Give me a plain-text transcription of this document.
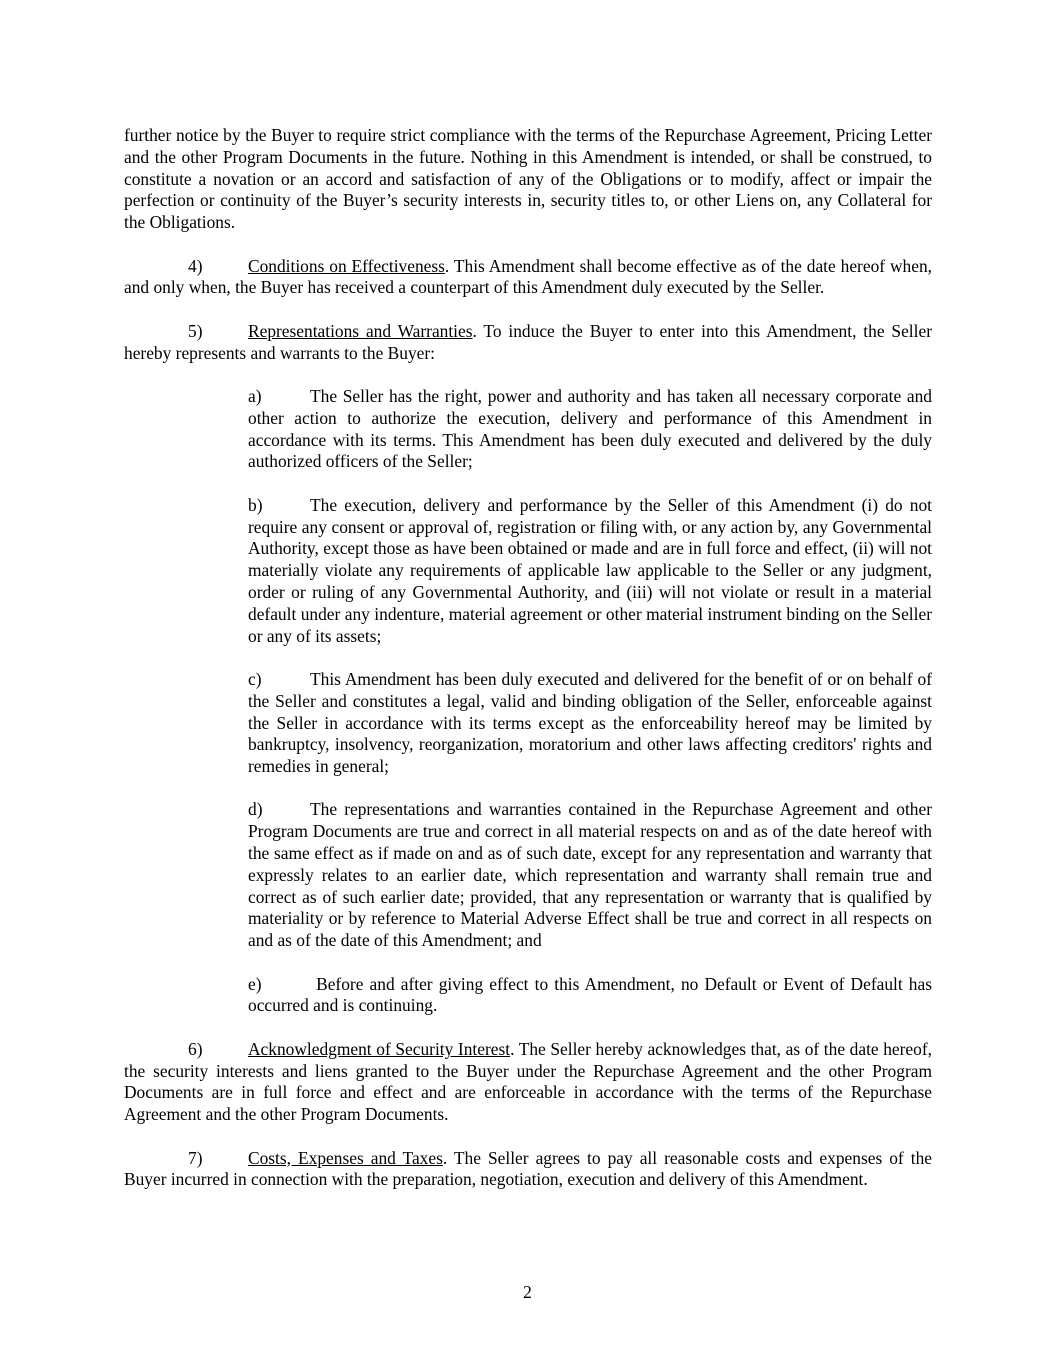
further notice by the Buyer to require strict compliance with the terms of the Repurchase Agreement, Pricing Letter and the other Program Documents in the future. Nothing in this Amendment is intended, or shall be construed, to constitute a novation or an accord and satisfaction of any of the Obligations or to modify, affect or impair the perfection or continuity of the Buyer’s security interests in, security titles to, or other Liens on, any Collateral for the Obligations.

4)	Conditions on Effectiveness. This Amendment shall become effective as of the date hereof when, and only when, the Buyer has received a counterpart of this Amendment duly executed by the Seller.

5)	Representations and Warranties. To induce the Buyer to enter into this Amendment, the Seller hereby represents and warrants to the Buyer:

a)	The Seller has the right, power and authority and has taken all necessary corporate and other action to authorize the execution, delivery and performance of this Amendment in accordance with its terms. This Amendment has been duly executed and delivered by the duly authorized officers of the Seller;

b)	The execution, delivery and performance by the Seller of this Amendment (i) do not require any consent or approval of, registration or filing with, or any action by, any Governmental Authority, except those as have been obtained or made and are in full force and effect, (ii) will not materially violate any requirements of applicable law applicable to the Seller or any judgment, order or ruling of any Governmental Authority, and (iii) will not violate or result in a material default under any indenture, material agreement or other material instrument binding on the Seller or any of its assets;

c)	This Amendment has been duly executed and delivered for the benefit of or on behalf of the Seller and constitutes a legal, valid and binding obligation of the Seller, enforceable against the Seller in accordance with its terms except as the enforceability hereof may be limited by bankruptcy, insolvency, reorganization, moratorium and other laws affecting creditors' rights and remedies in general;

d)	The representations and warranties contained in the Repurchase Agreement and other Program Documents are true and correct in all material respects on and as of the date hereof with the same effect as if made on and as of such date, except for any representation and warranty that expressly relates to an earlier date, which representation and warranty shall remain true and correct as of such earlier date; provided, that any representation or warranty that is qualified by materiality or by reference to Material Adverse Effect shall be true and correct in all respects on and as of the date of this Amendment; and

e)	Before and after giving effect to this Amendment, no Default or Event of Default has occurred and is continuing.

6)	Acknowledgment of Security Interest. The Seller hereby acknowledges that, as of the date hereof, the security interests and liens granted to the Buyer under the Repurchase Agreement and the other Program Documents are in full force and effect and are enforceable in accordance with the terms of the Repurchase Agreement and the other Program Documents.

7)	Costs, Expenses and Taxes. The Seller agrees to pay all reasonable costs and expenses of the Buyer incurred in connection with the preparation, negotiation, execution and delivery of this Amendment.

2
